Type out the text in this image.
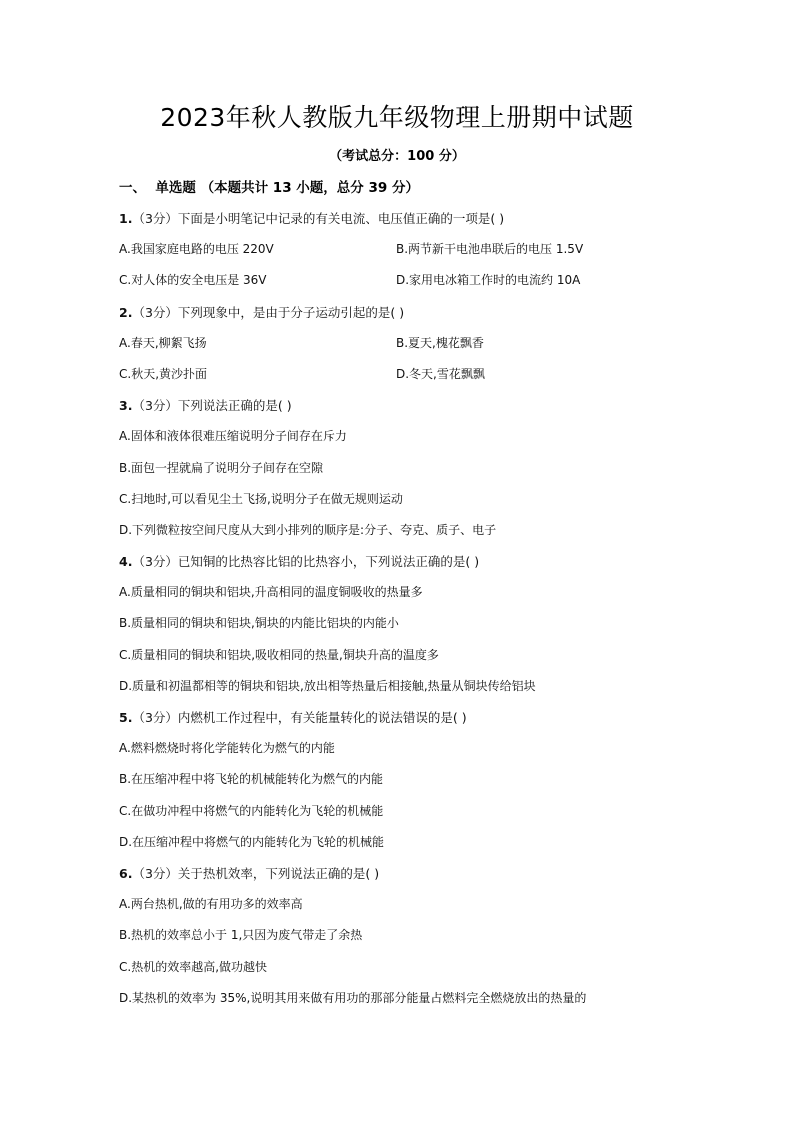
2023年秋人教版九年级物理上册期中试题
（考试总分：100 分）
一、  单选题 （本题共计 13 小题，总分 39 分）
1.（3分）下面是小明笔记中记录的有关电流、电压值正确的一项是( )
A.我国家庭电路的电压 220V	B.两节新干电池串联后的电压 1.5V
C.对人体的安全电压是 36V	D.家用电冰箱工作时的电流约 10A
2.（3分）下列现象中，是由于分子运动引起的是( )
A.春天,柳絮飞扬	B.夏天,槐花飘香
C.秋天,黄沙扑面	D.冬天,雪花飘飘
3.（3分）下列说法正确的是( )
A.固体和液体很难压缩说明分子间存在斥力
B.面包一捏就扁了说明分子间存在空隙
C.扫地时,可以看见尘土飞扬,说明分子在做无规则运动
D.下列微粒按空间尺度从大到小排列的顺序是:分子、夸克、质子、电子
4.（3分）已知铜的比热容比铝的比热容小，下列说法正确的是( )
A.质量相同的铜块和铝块,升高相同的温度铜吸收的热量多
B.质量相同的铜块和铝块,铜块的内能比铝块的内能小
C.质量相同的铜块和铝块,吸收相同的热量,铜块升高的温度多
D.质量和初温都相等的铜块和铝块,放出相等热量后相接触,热量从铜块传给铝块
5.（3分）内燃机工作过程中，有关能量转化的说法错误的是( )
A.燃料燃烧时将化学能转化为燃气的内能
B.在压缩冲程中将飞轮的机械能转化为燃气的内能
C.在做功冲程中将燃气的内能转化为飞轮的机械能
D.在压缩冲程中将燃气的内能转化为飞轮的机械能
6.（3分）关于热机效率，下列说法正确的是( )
A.两台热机,做的有用功多的效率高
B.热机的效率总小于 1,只因为废气带走了余热
C.热机的效率越高,做功越快
D.某热机的效率为 35%,说明其用来做有用功的那部分能量占燃料完全燃烧放出的热量的
